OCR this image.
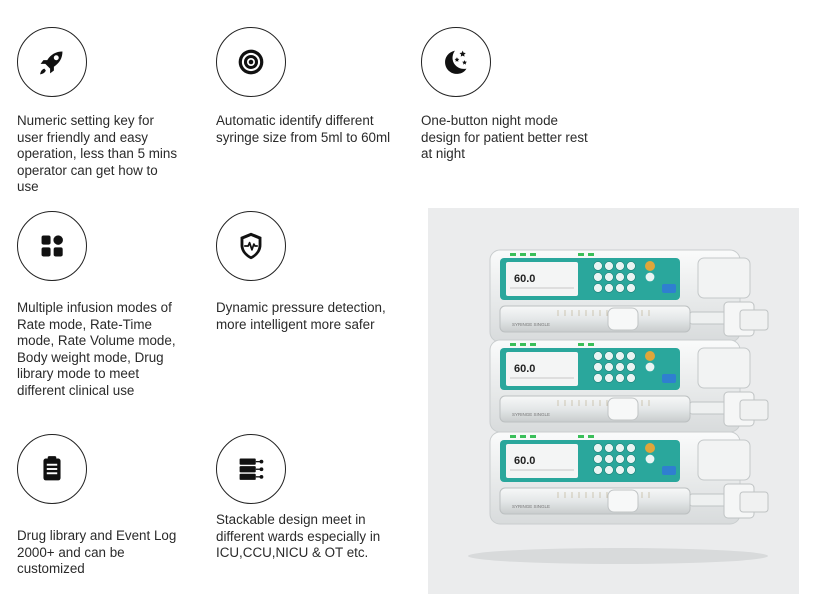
Numeric setting key for user friendly and easy operation, less than 5 mins operator can get how to use
Automatic identify different syringe size from 5ml to 60ml
One-button night mode design for patient better rest at night
Multiple infusion modes of Rate mode, Rate-Time mode, Rate Volume mode, Body weight mode, Drug library mode to meet different clinical use
Dynamic pressure detection, more intelligent more safer
Drug library and Event Log 2000+ and can be customized
Stackable design meet in different wards especially in ICU,CCU,NICU & OT etc.
60.0
SYRINGE SINGLE
60.0
SYRINGE SINGLE
60.0
SYRINGE SINGLE
